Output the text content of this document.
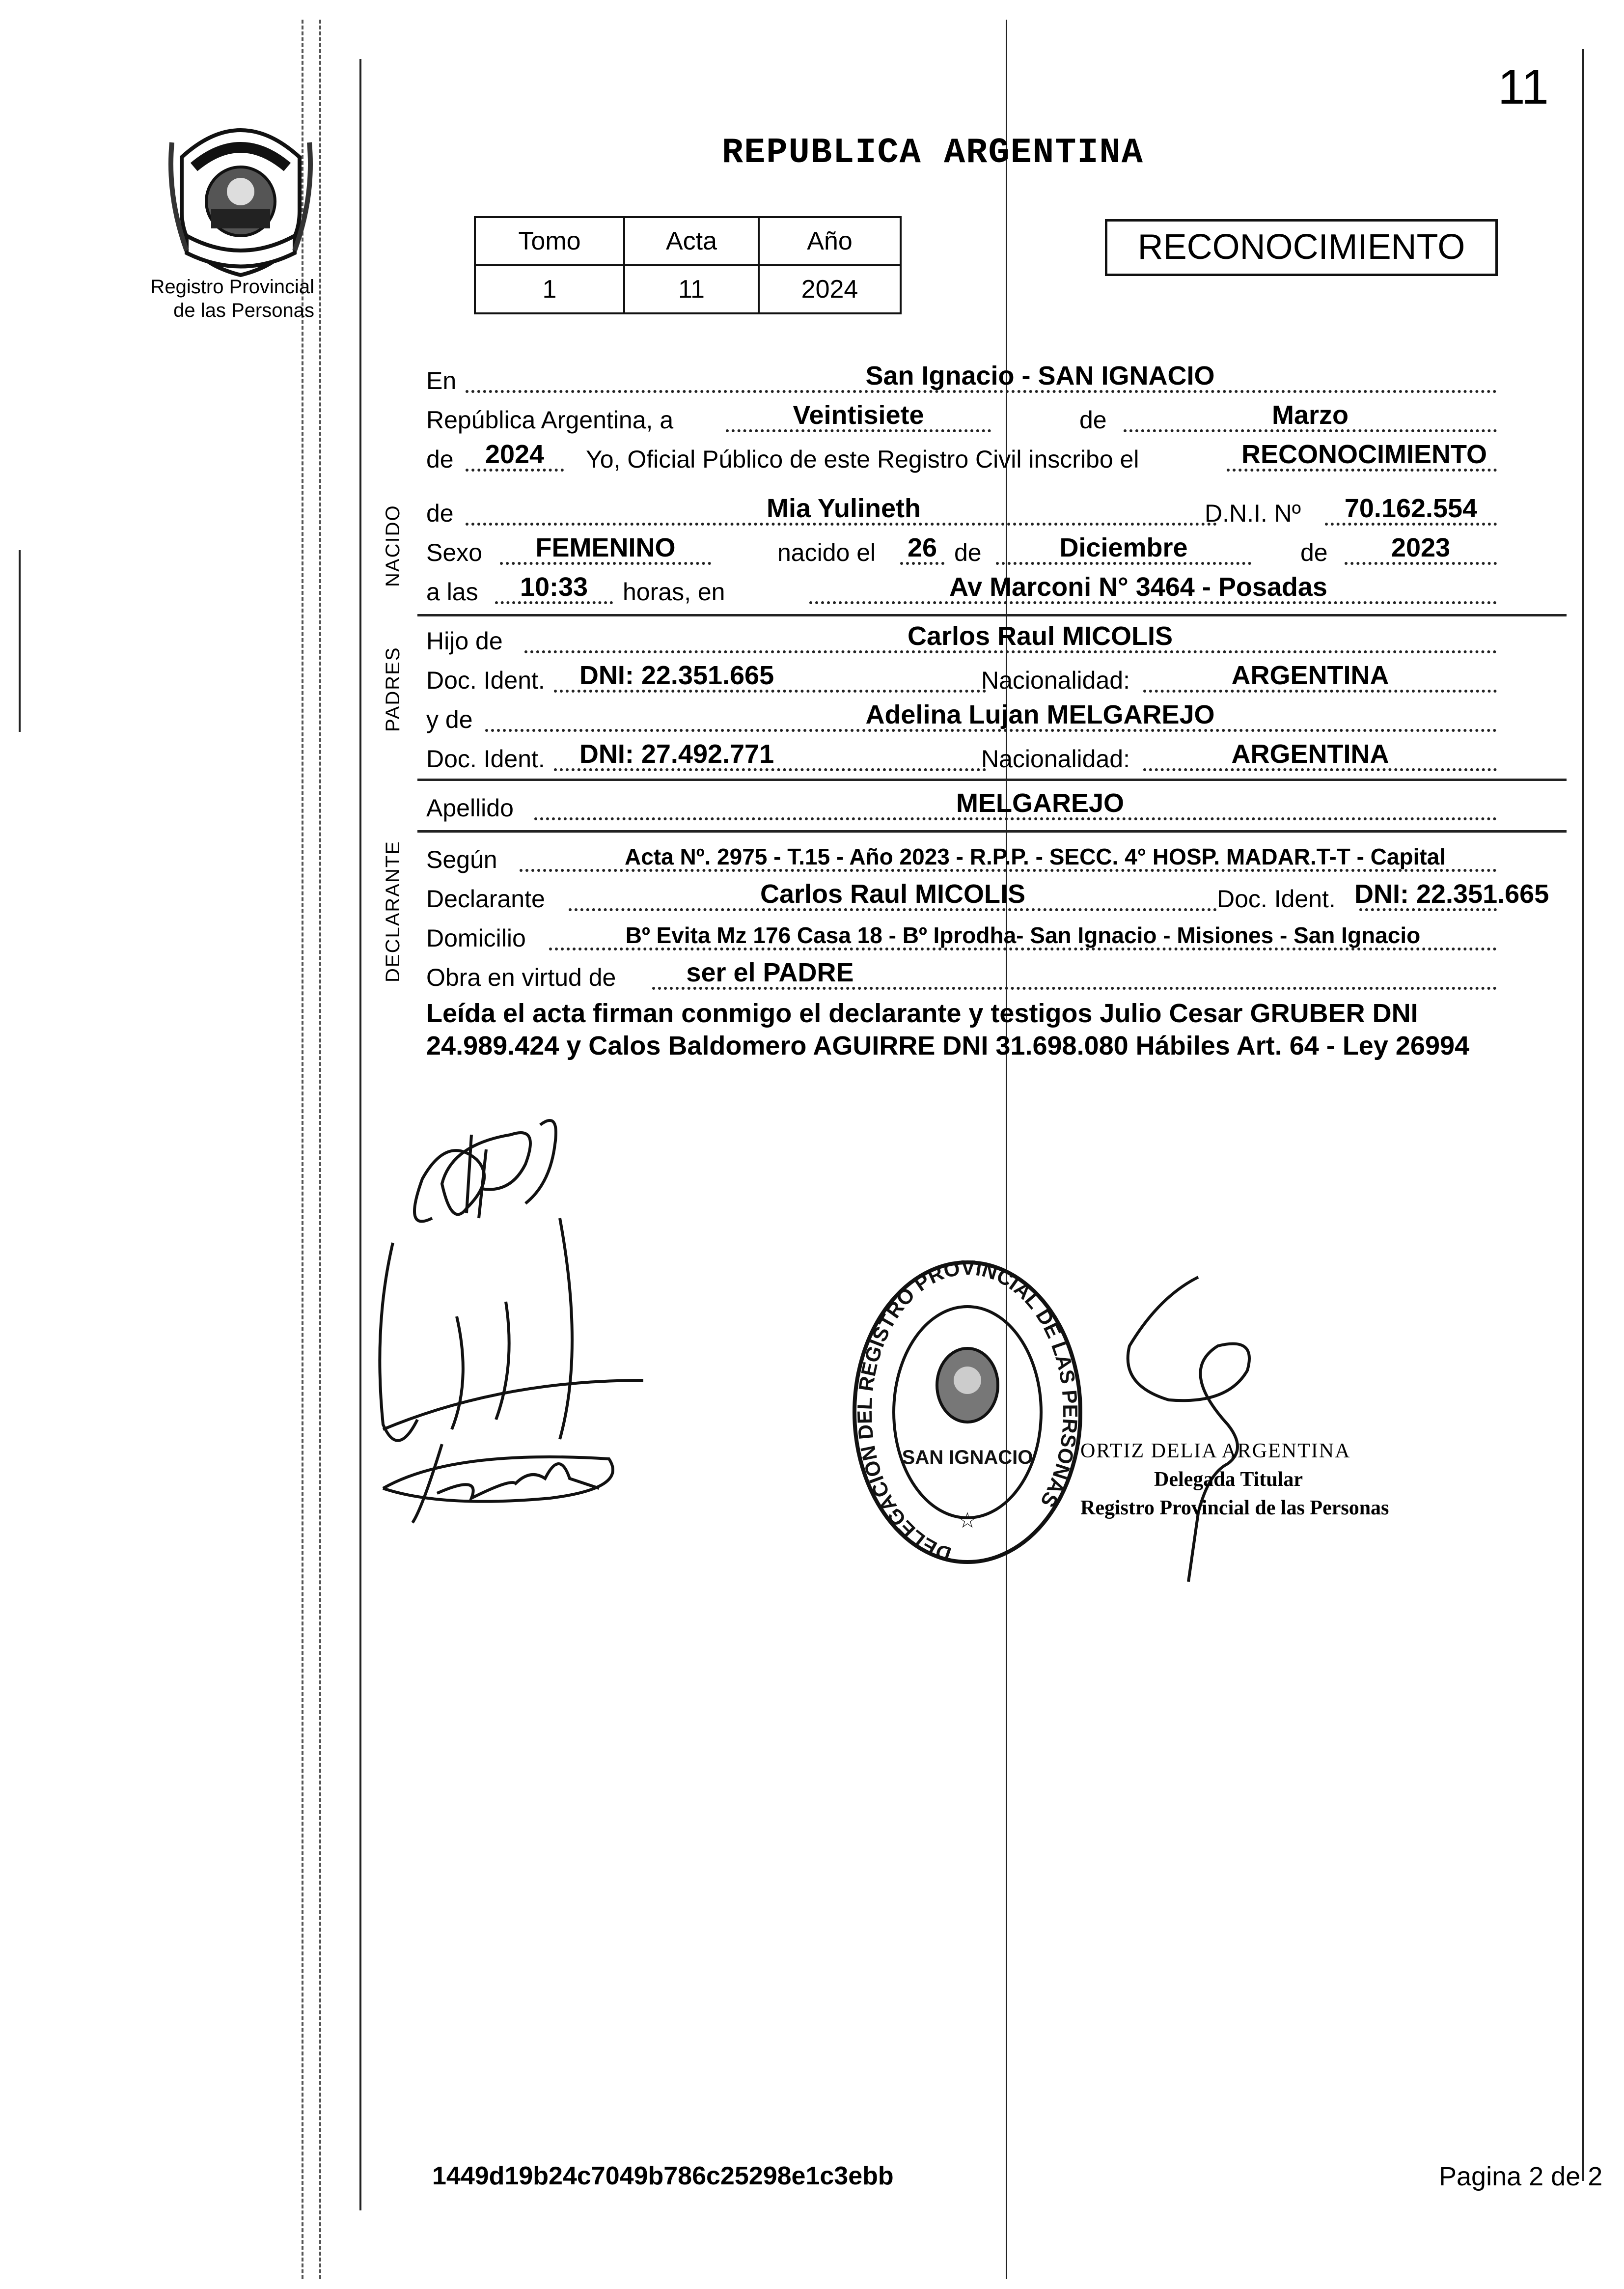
11
Registro Provincial
de las Personas
REPUBLICA ARGENTINA
Tomo	Acta	Año
1	11	2024
RECONOCIMIENTO
NACIDO
PADRES
DECLARANTE
En	San Ignacio - SAN IGNACIO
República Argentina, a	Veintisiete	de	Marzo
de	2024	Yo, Oficial Público de este Registro Civil inscribo el	RECONOCIMIENTO
de	Mia Yulineth	D.N.I. Nº	70.162.554
Sexo	FEMENINO	nacido el 26 de	Diciembre	de	2023
a las	10:33	horas, en	Av Marconi N° 3464 - Posadas
Hijo de	Carlos Raul MICOLIS
Doc. Ident.	DNI: 22.351.665	Nacionalidad:	ARGENTINA
y de	Adelina Lujan MELGAREJO
Doc. Ident.	DNI: 27.492.771	Nacionalidad:	ARGENTINA
Apellido	MELGAREJO
Según	Acta Nº. 2975 - T.15 - Año 2023 - R.P.P. - SECC. 4° HOSP. MADAR.T-T - Capital
Declarante	Carlos Raul MICOLIS	Doc. Ident. DNI: 22.351.665
Domicilio	Bº Evita Mz 176 Casa 18 - Bº Iprodha- San Ignacio - Misiones - San Ignacio
Obra en virtud de	ser el PADRE
Leída el acta firman conmigo el declarante y testigos Julio Cesar GRUBER DNI 24.989.424 y Calos Baldomero AGUIRRE DNI 31.698.080 Hábiles Art. 64 - Ley 26994
DELEGACION DEL REGISTRO PROVINCIAL DE LAS PERSONAS
SAN IGNACIO
☆
ORTIZ DELIA ARGENTINA
Delegada Titular
Registro Provincial de las Personas
1449d19b24c7049b786c25298e1c3ebb	Pagina 2 de 2
